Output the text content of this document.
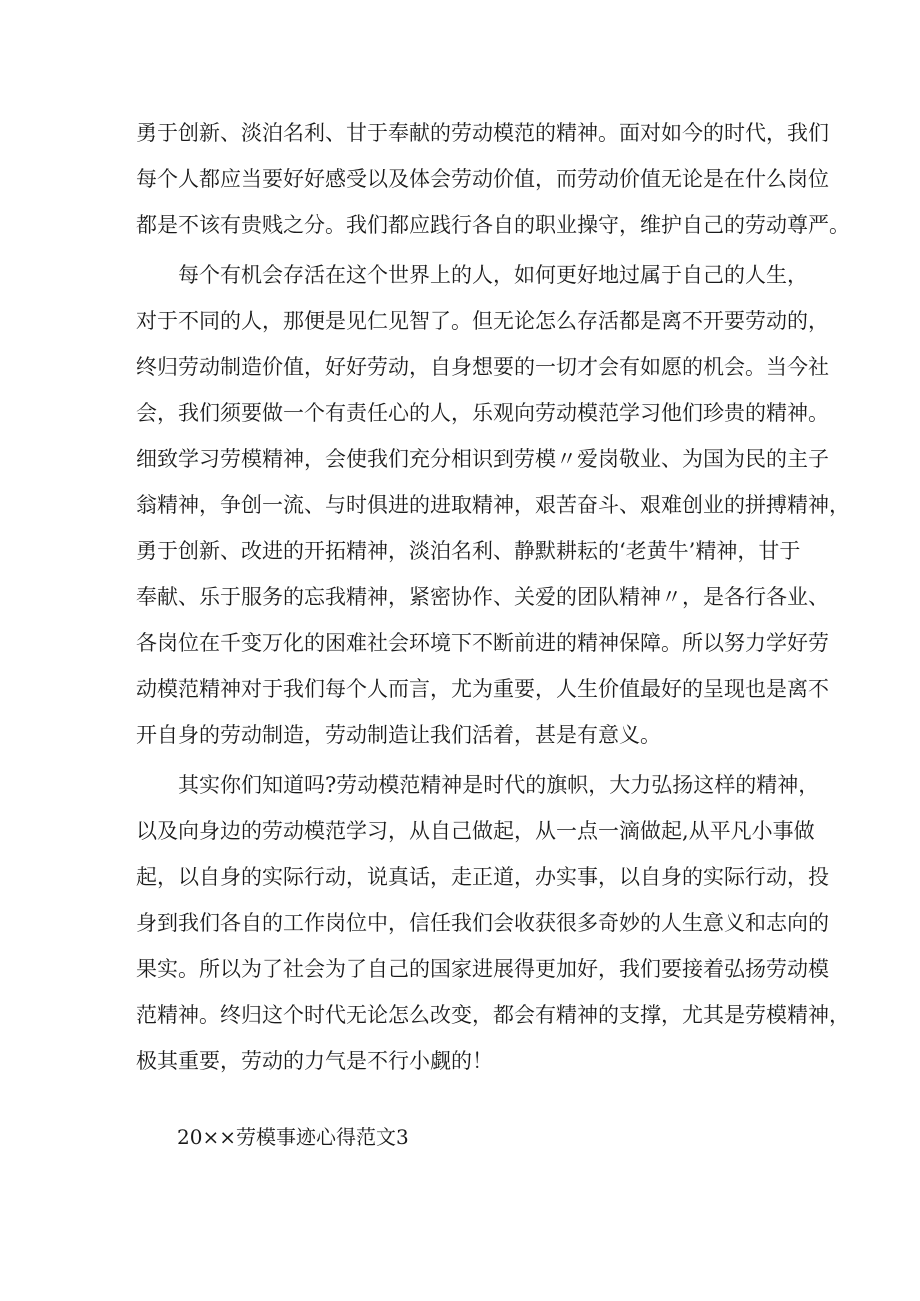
勇于创新、淡泊名利、甘于奉献的劳动模范的精神。面对如今的时代，我们
每个人都应当要好好感受以及体会劳动价值，而劳动价值无论是在什么岗位
都是不该有贵贱之分。我们都应践行各自的职业操守，维护自己的劳动尊严。
　　每个有机会存活在这个世界上的人，如何更好地过属于自己的人生，
对于不同的人，那便是见仁见智了。但无论怎么存活都是离不开要劳动的，
终归劳动制造价值，好好劳动，自身想要的一切才会有如愿的机会。当今社
会，我们须要做一个有责任心的人，乐观向劳动模范学习他们珍贵的精神。
细致学习劳模精神，会使我们充分相识到劳模〃爱岗敬业、为国为民的主子
翁精神，争创一流、与时俱进的进取精神，艰苦奋斗、艰难创业的拼搏精神，
勇于创新、改进的开拓精神，淡泊名利、静默耕耘的‘老黄牛’精神，甘于
奉献、乐于服务的忘我精神，紧密协作、关爱的团队精神〃，是各行各业、
各岗位在千变万化的困难社会环境下不断前进的精神保障。所以努力学好劳
动模范精神对于我们每个人而言，尤为重要，人生价值最好的呈现也是离不
开自身的劳动制造，劳动制造让我们活着，甚是有意义。
　　其实你们知道吗?劳动模范精神是时代的旗帜，大力弘扬这样的精神，
以及向身边的劳动模范学习，从自己做起，从一点一滴做起,从平凡小事做
起，以自身的实际行动，说真话，走正道，办实事，以自身的实际行动，投
身到我们各自的工作岗位中，信任我们会收获很多奇妙的人生意义和志向的
果实。所以为了社会为了自己的国家进展得更加好，我们要接着弘扬劳动模
范精神。终归这个时代无论怎么改变，都会有精神的支撑，尤其是劳模精神，
极其重要，劳动的力气是不行小觑的！
20××劳模事迹心得范文3
